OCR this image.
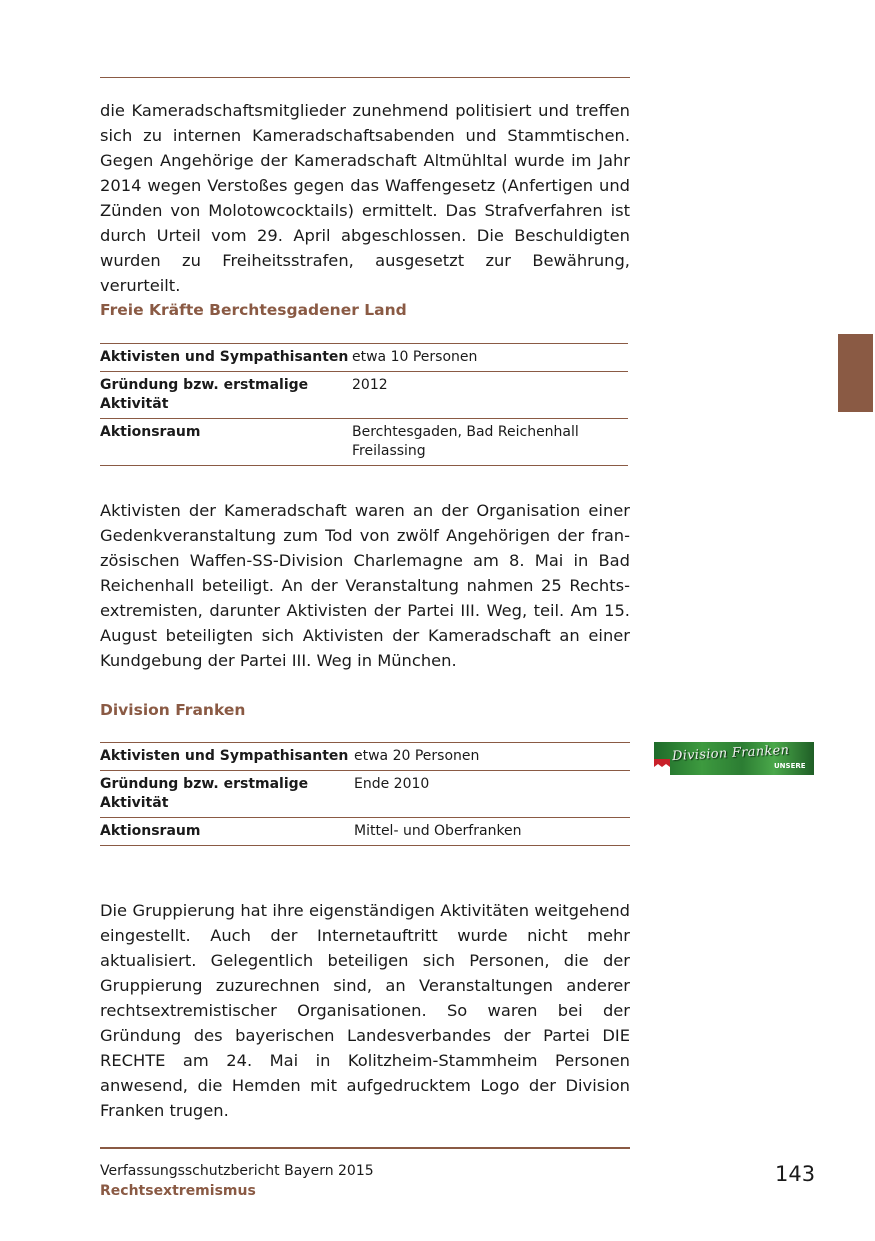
die Kameradschaftsmitglieder zunehmend politisiert und treffen sich zu internen Kameradschaftsabenden und Stammtischen. Gegen Angehörige der Kameradschaft Altmühltal wurde im Jahr 2014 wegen Verstoßes gegen das Waffengesetz (Anfertigen und Zünden von Molotowcocktails) ermittelt. Das Strafverfahren ist durch Urteil vom 29. April abgeschlossen. Die Beschuldigten wurden zu Freiheitsstrafen, ausgesetzt zur Bewährung, verurteilt.

Freie Kräfte Berchtesgadener Land
Aktivisten und Sympathisanten	etwa 10 Personen
Gründung bzw. erstmalige Aktivität	2012
Aktionsraum	Berchtesgaden, Bad Reichenhall Freilassing

Aktivisten der Kameradschaft waren an der Organisation einer Gedenkveranstaltung zum Tod von zwölf Angehörigen der französischen Waffen-SS-Division Charlemagne am 8. Mai in Bad Reichenhall beteiligt. An der Veranstaltung nahmen 25 Rechtsextremisten, darunter Aktivisten der Partei III. Weg, teil. Am 15. August beteiligten sich Aktivisten der Kameradschaft an einer Kundgebung der Partei III. Weg in München.

Division Franken
Aktivisten und Sympathisanten	etwa 20 Personen
Gründung bzw. erstmalige Aktivität	Ende 2010
Aktionsraum	Mittel- und Oberfranken

Die Gruppierung hat ihre eigenständigen Aktivitäten weitgehend eingestellt. Auch der Internetauftritt wurde nicht mehr aktualisiert. Gelegentlich beteiligen sich Personen, die der Gruppierung zuzurechnen sind, an Veranstaltungen anderer rechtsextremistischer Organisationen. So waren bei der Gründung des bayerischen Landesverbandes der Partei DIE RECHTE am 24. Mai in Kolitzheim-Stammheim Personen anwesend, die Hemden mit aufgedrucktem Logo der Division Franken trugen.

Division Franken
UNSERE
Verfassungsschutzbericht Bayern 2015
Rechtsextremismus
143
